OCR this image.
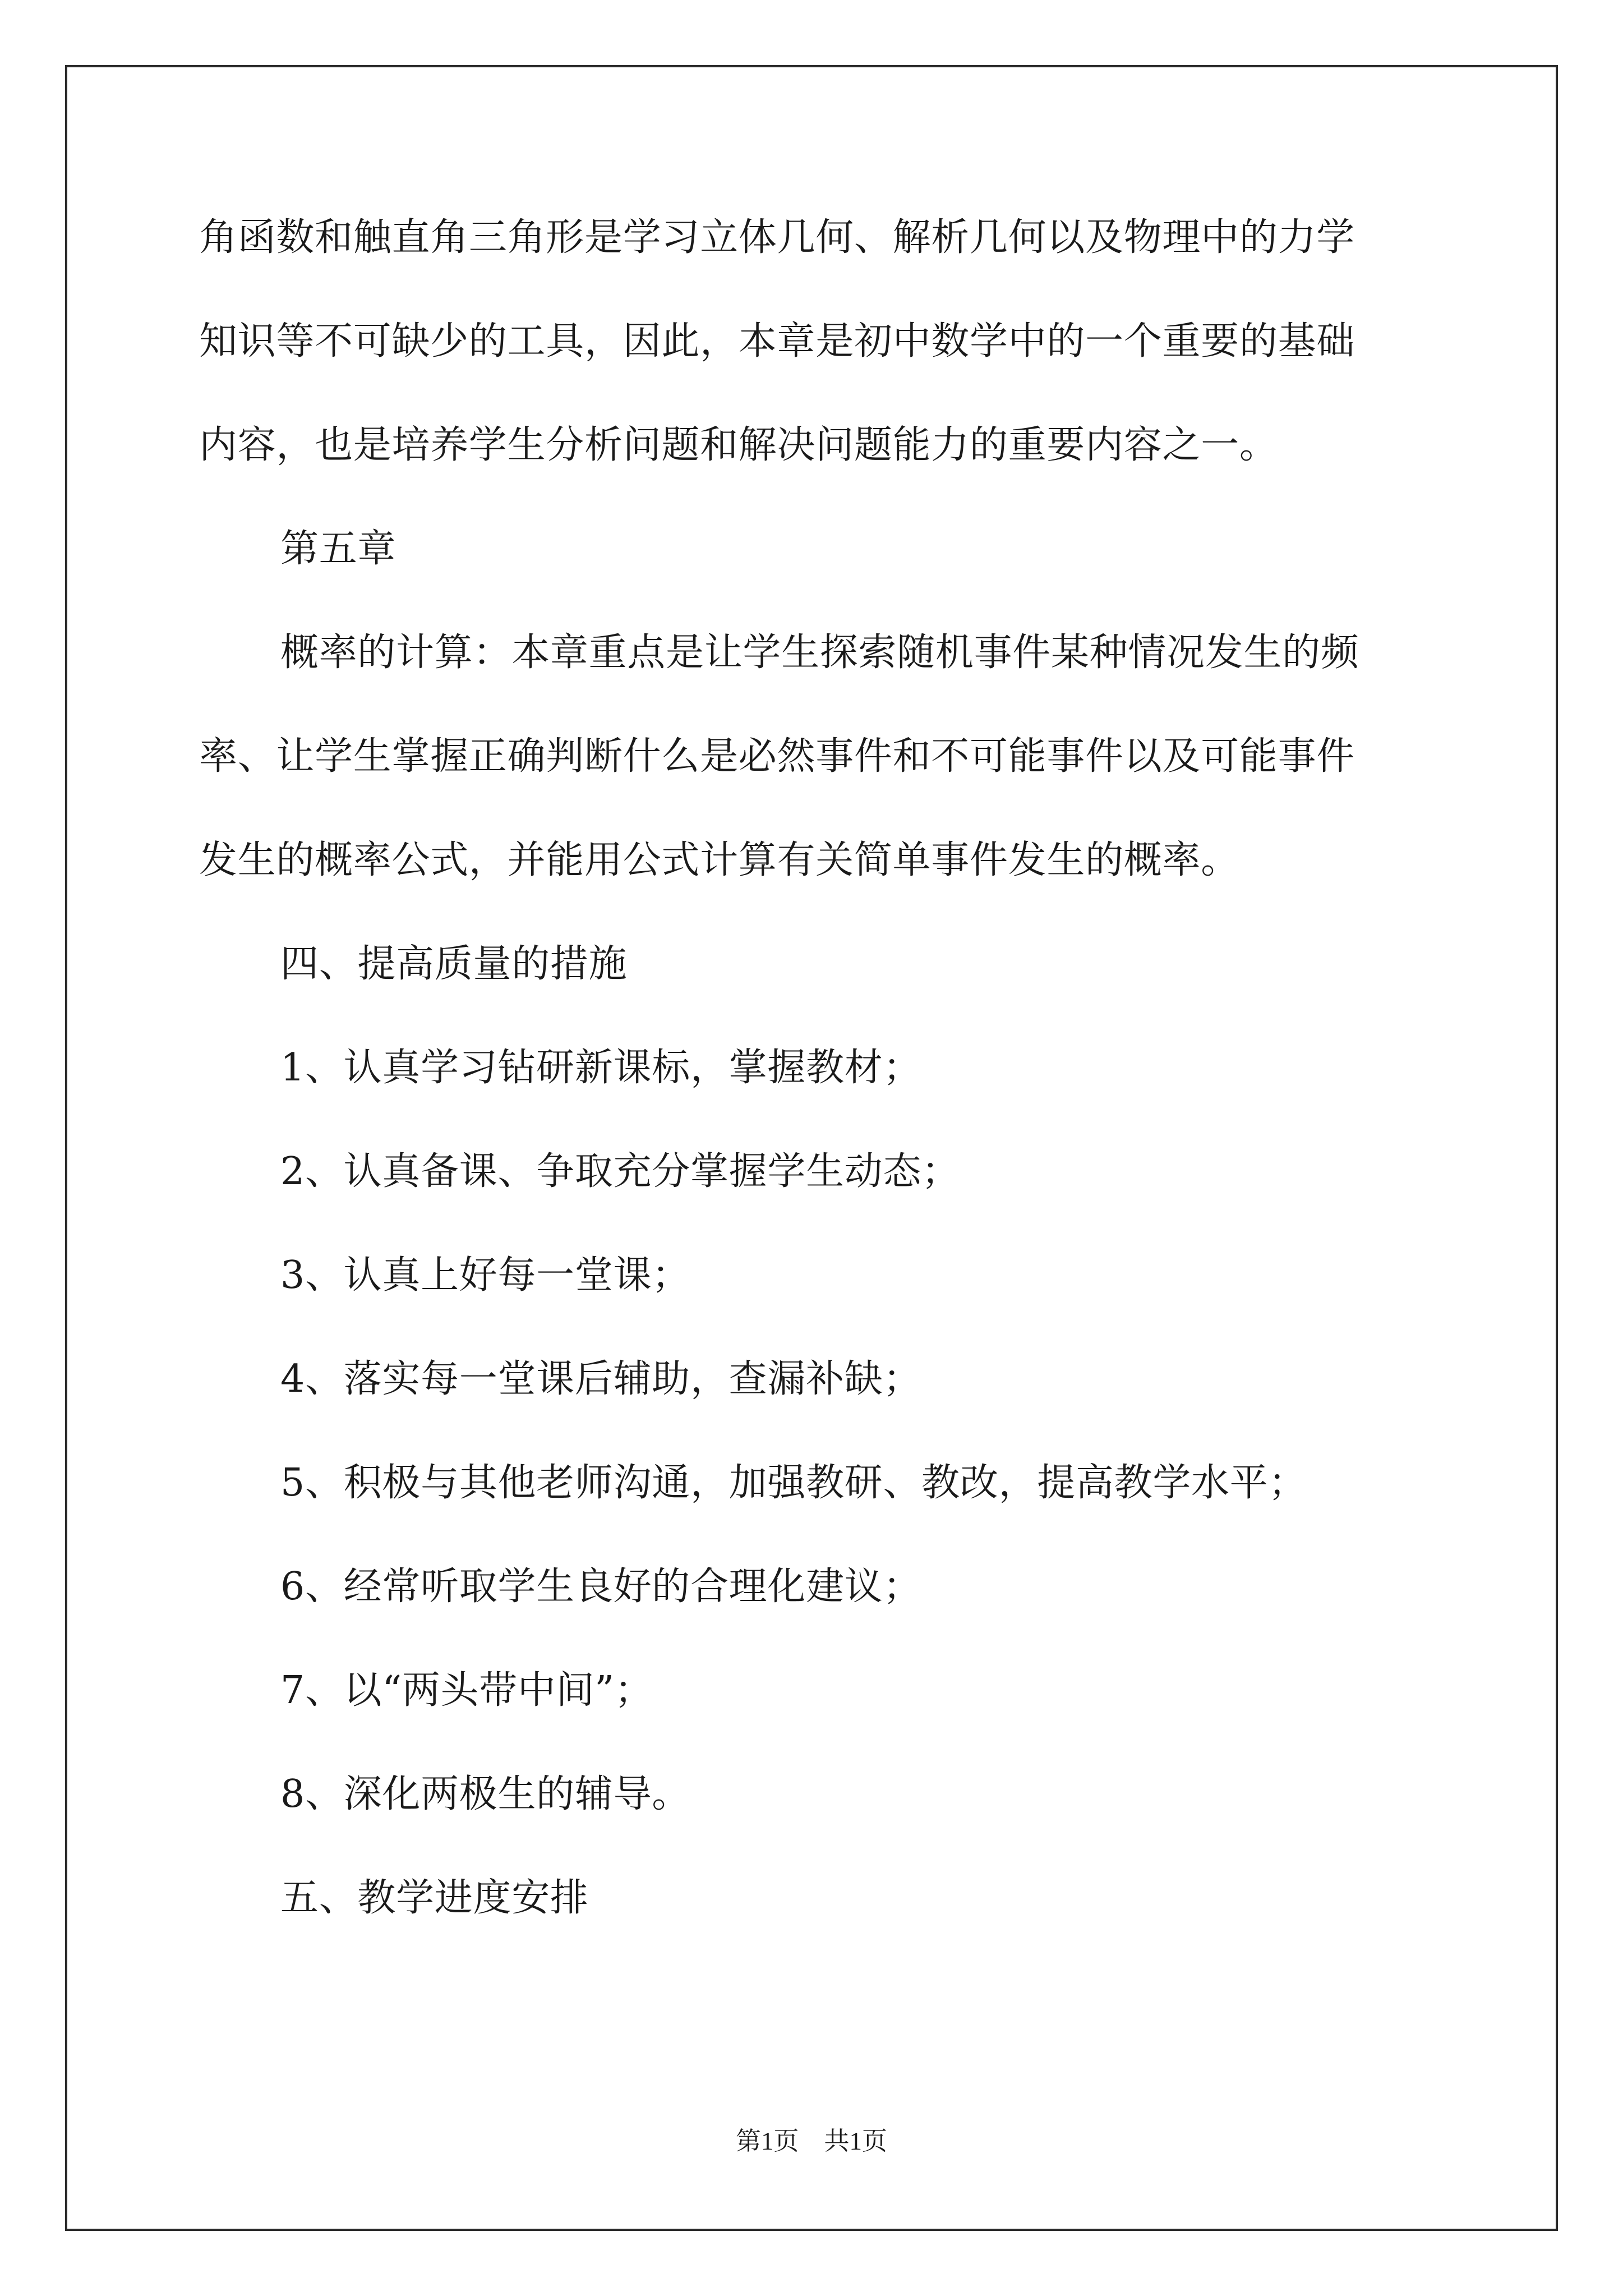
角函数和触直角三角形是学习立体几何、解析几何以及物理中的力学
知识等不可缺少的工具，因此，本章是初中数学中的一个重要的基础
内容，也是培养学生分析问题和解决问题能力的重要内容之一。
第五章
概率的计算：本章重点是让学生探索随机事件某种情况发生的频
率、让学生掌握正确判断什么是必然事件和不可能事件以及可能事件
发生的概率公式，并能用公式计算有关简单事件发生的概率。
四、提高质量的措施
1、认真学习钻研新课标，掌握教材；
2、认真备课、争取充分掌握学生动态；
3、认真上好每一堂课；
4、落实每一堂课后辅助，查漏补缺；
5、积极与其他老师沟通，加强教研、教改，提高教学水平；
6、经常听取学生良好的合理化建议；
7、以“两头带中间”；
8、深化两极生的辅导。
五、教学进度安排
第1页　共1页
